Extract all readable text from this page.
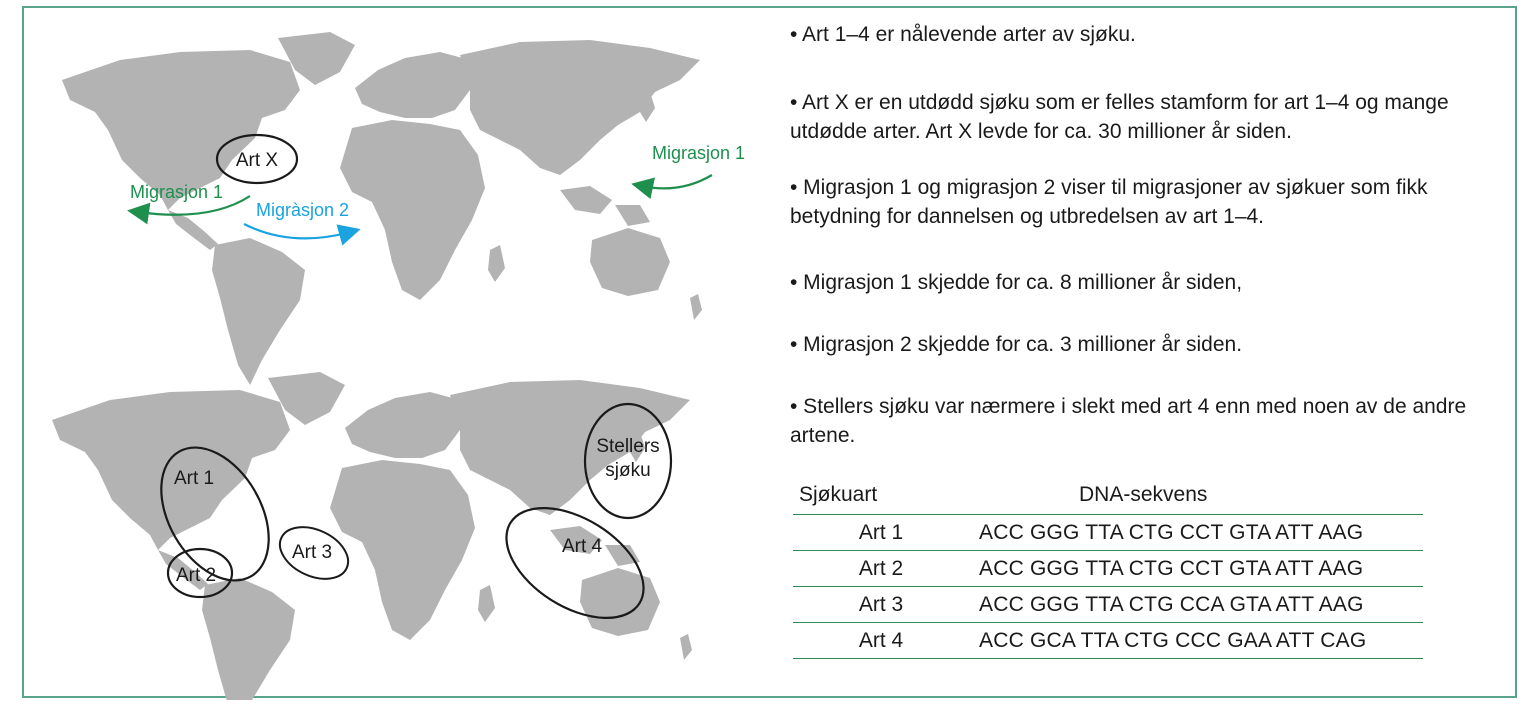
Art X
Migrasjon 1
Migràsjon 2
Migrasjon 1
Art 1
Art 2
Art 3	Art 4
Stellers
sjøku

• Art 1–4 er nålevende arter av sjøku.

• Art X er en utdødd sjøku som er felles stamform for art 1–4 og mange utdødde arter. Art X levde for ca. 30 millioner år siden.

• Migrasjon 1 og migrasjon 2 viser til migrasjoner av sjøkuer som fikk betydning for dannelsen og utbredelsen av art 1–4.

• Migrasjon 1 skjedde for ca. 8 millioner år siden,

• Migrasjon 2 skjedde for ca. 3 millioner år siden.

• Stellers sjøku var nærmere i slekt med art 4 enn med noen av de andre artene.

Sjøkuart	DNA-sekvens
Art 1	ACC GGG TTA CTG CCT GTA ATT AAG
Art 2	ACC GGG TTA CTG CCT GTA ATT AAG
Art 3	ACC GGG TTA CTG CCA GTA ATT AAG
Art 4	ACC GCA TTA CTG CCC GAA ATT CAG
